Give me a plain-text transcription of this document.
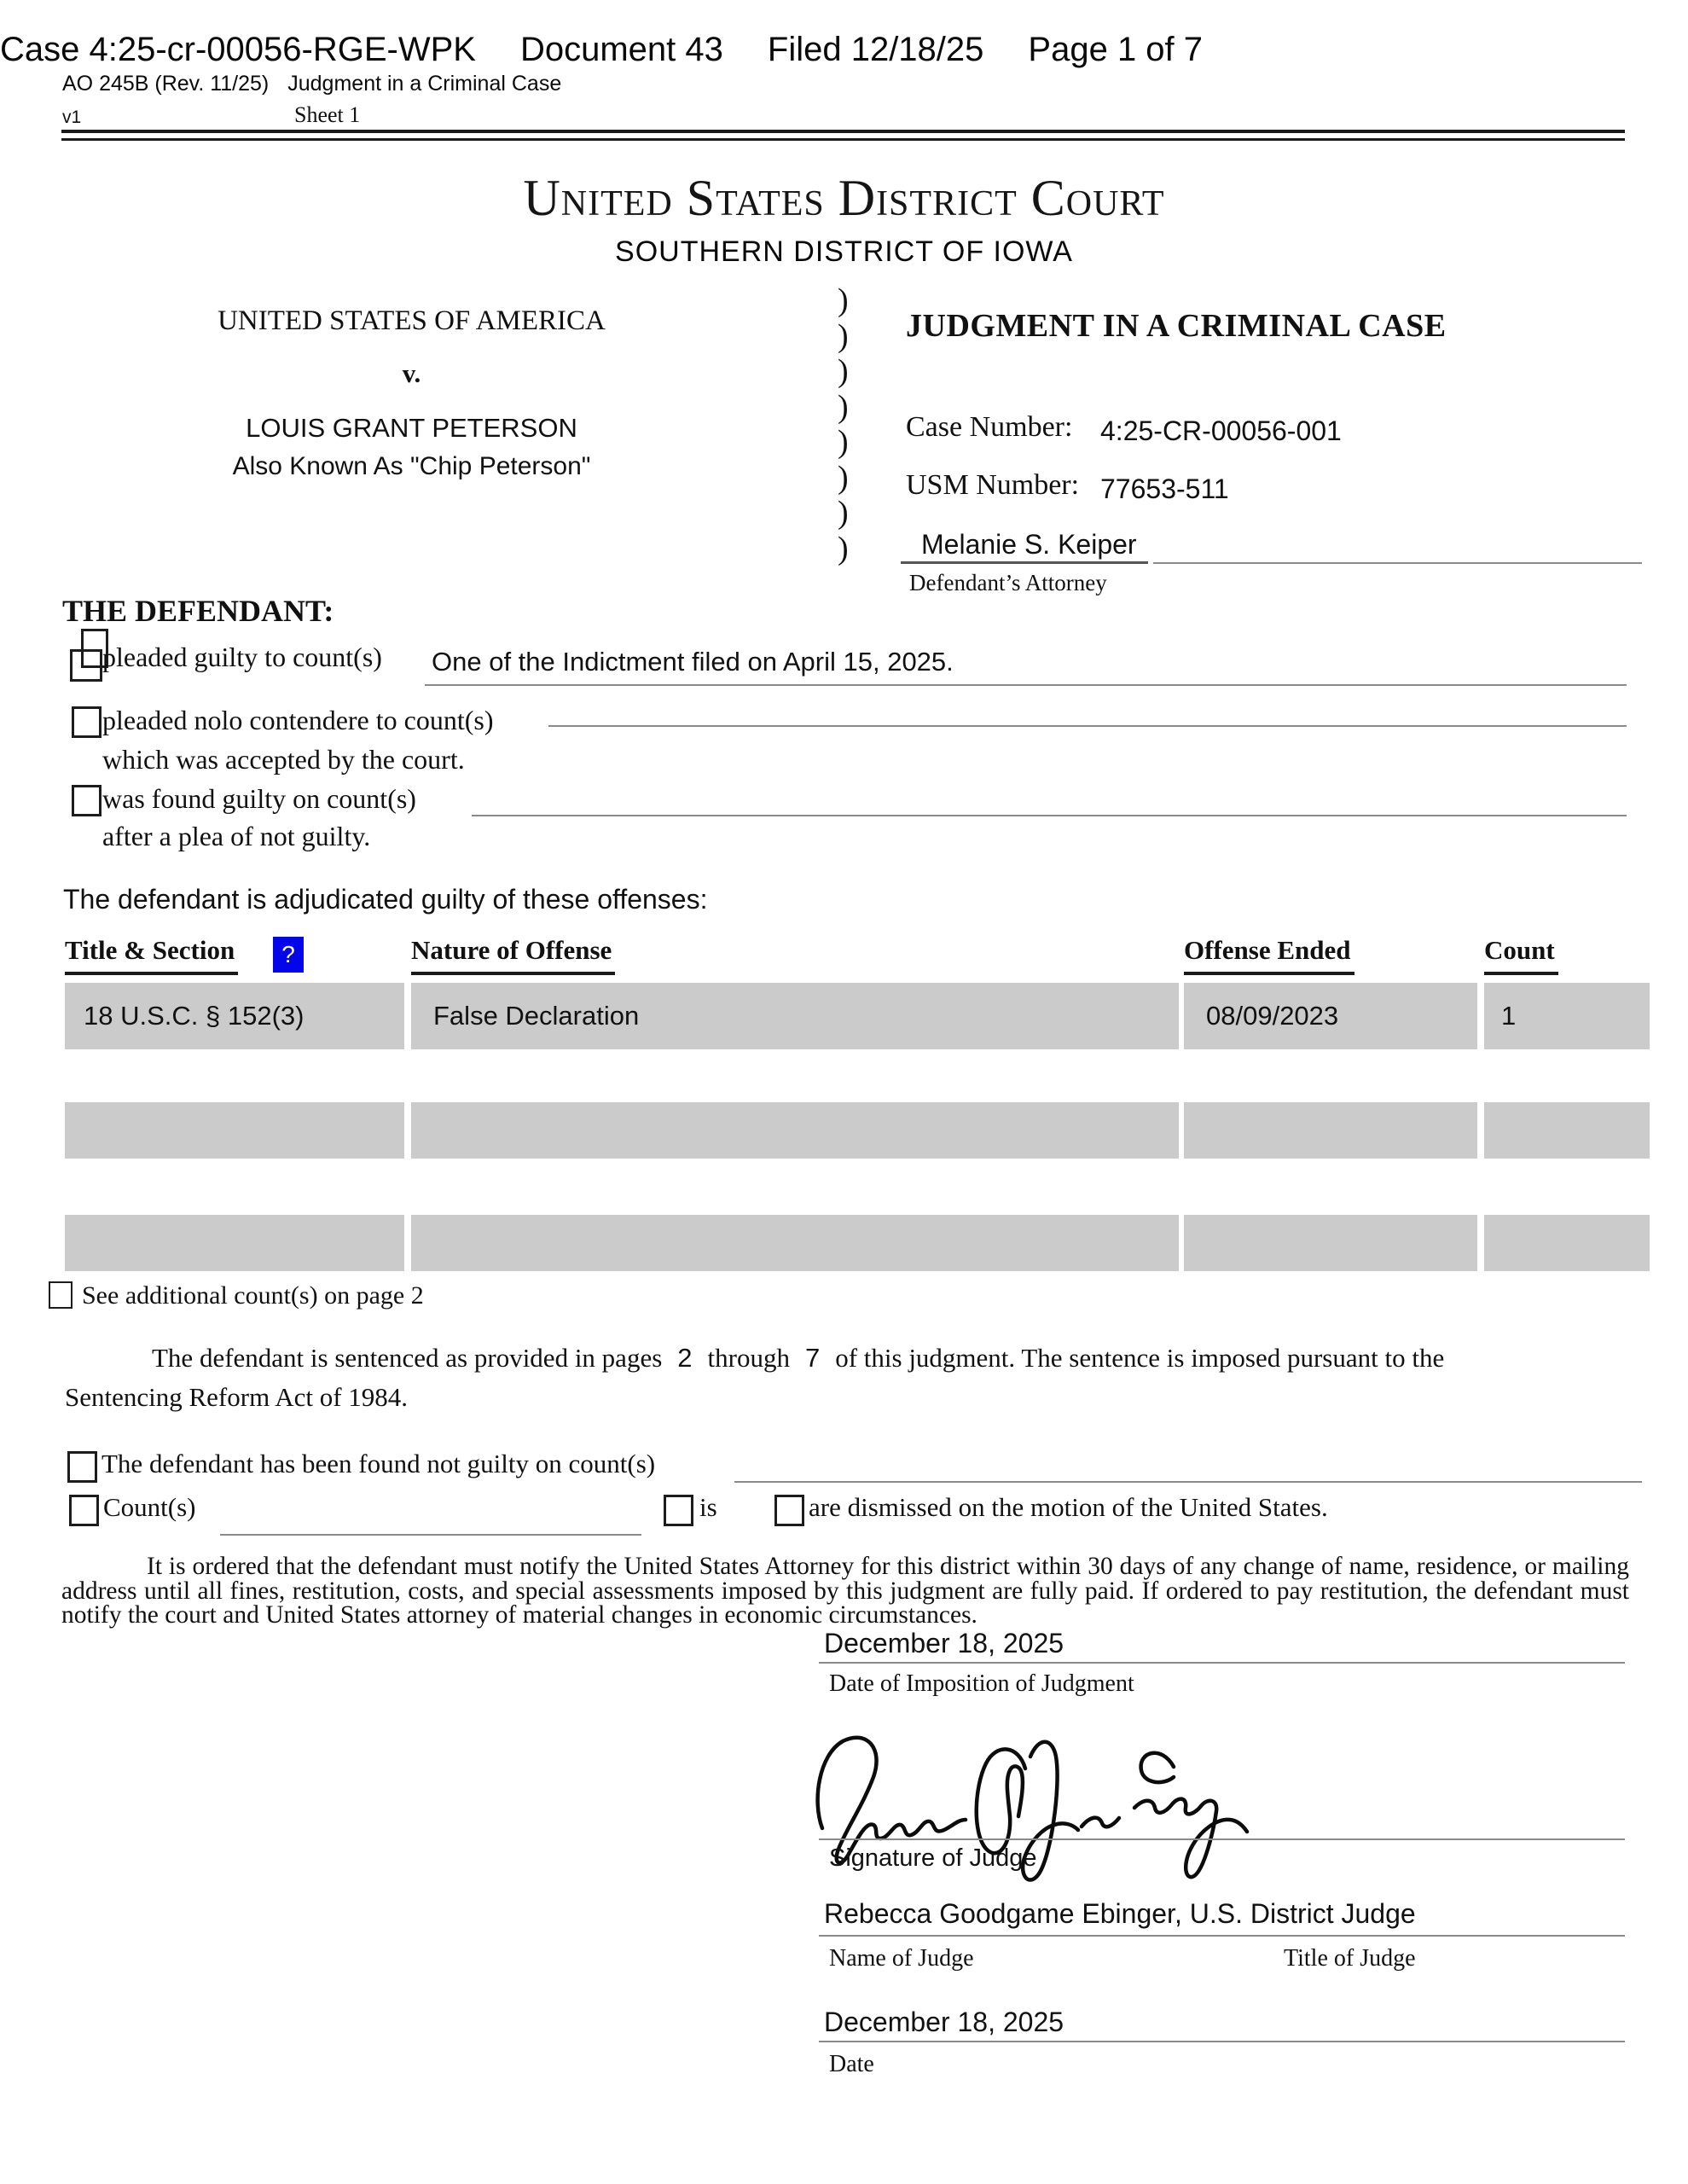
Case 4:25-cr-00056-RGE-WPK Document 43 Filed 12/18/25 Page 1 of 7
AO 245B (Rev. 11/25) Judgment in a Criminal Case
v1	Sheet 1
United States District Court
SOUTHERN DISTRICT OF IOWA
UNITED STATES OF AMERICA
v.
LOUIS GRANT PETERSON
Also Known As "Chip Peterson"
)
)
)
)
)
)
)
)
JUDGMENT IN A CRIMINAL CASE
Case Number: 4:25-CR-00056-001
USM Number: 77653-511
Melanie S. Keiper
Defendant’s Attorney
THE DEFENDANT:
pleaded guilty to count(s) One of the Indictment filed on April 15, 2025.
pleaded nolo contendere to count(s)
which was accepted by the court.
was found guilty on count(s)
after a plea of not guilty.
The defendant is adjudicated guilty of these offenses:
Title & Section	?	Nature of Offense	Offense Ended	Count
18 U.S.C. § 152(3)	False Declaration	08/09/2023	1
See additional count(s) on page 2
The defendant is sentenced as provided in pages 2 through 7 of this judgment. The sentence is imposed pursuant to the
Sentencing Reform Act of 1984.
The defendant has been found not guilty on count(s)
Count(s)	is	are dismissed on the motion of the United States.
It is ordered that the defendant must notify the United States Attorney for this district within 30 days of any change of name, residence, or mailing address until all fines, restitution, costs, and special assessments imposed by this judgment are fully paid. If ordered to pay restitution, the defendant must notify the court and United States attorney of material changes in economic circumstances.
December 18, 2025
Date of Imposition of Judgment
Signature of Judge
Rebecca Goodgame Ebinger, U.S. District Judge
Name of Judge	Title of Judge
December 18, 2025
Date
